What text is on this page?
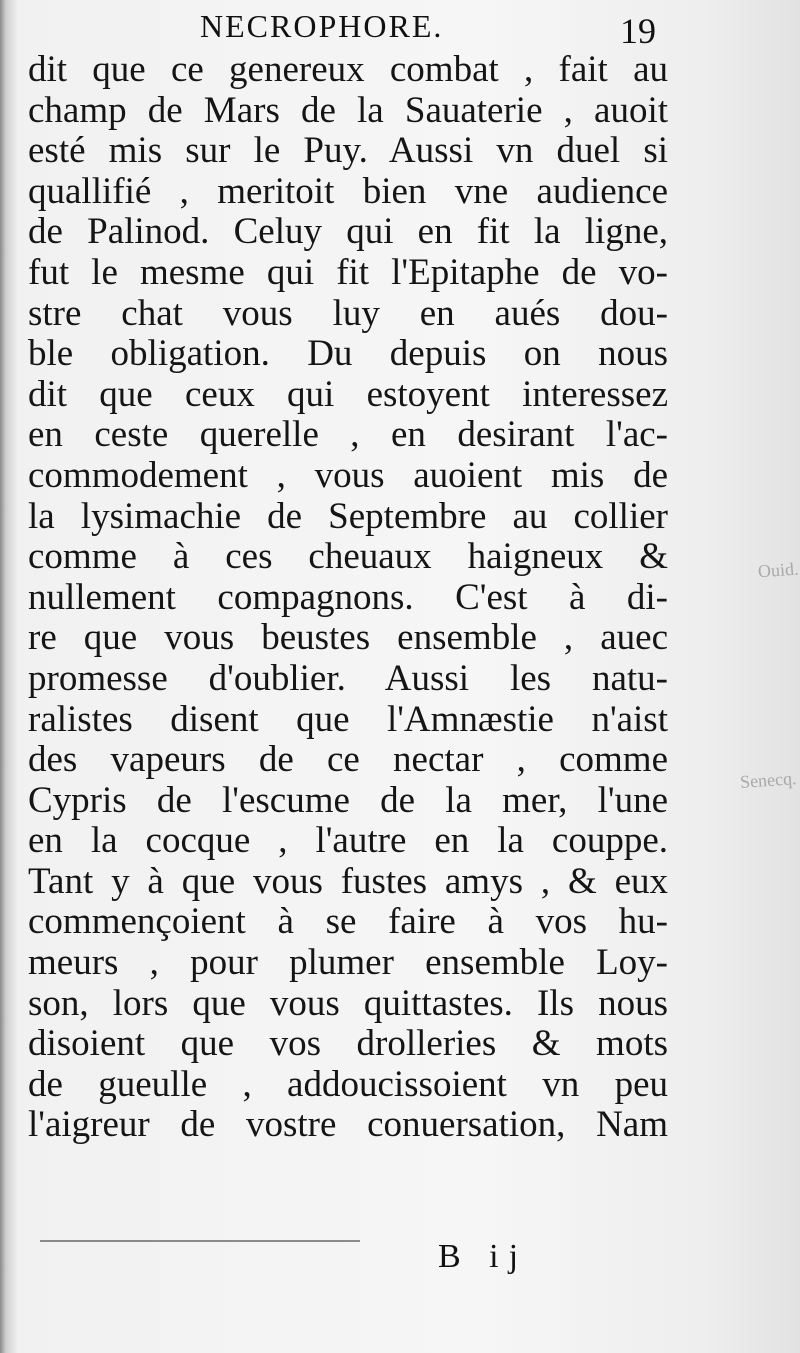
Ouid.
Senecq.
NECROPHORE.	19
dit que ce genereux combat , fait au
champ de Mars de la Sauaterie , auoit
esté mis sur le Puy. Aussi vn duel si
quallifié , meritoit bien vne audience
de Palinod. Celuy qui en fit la ligne,
fut le mesme qui fit l'Epitaphe de vo-
stre chat vous luy en aués dou-
ble obligation. Du depuis on nous
dit que ceux qui estoyent interessez
en ceste querelle , en desirant l'ac-
commodement , vous auoient mis de
la lysimachie de Septembre au collier
comme à ces cheuaux haigneux &
nullement compagnons. C'est à di-
re que vous beustes ensemble , auec
promesse d'oublier. Aussi les natu-
ralistes disent que l'Amnæstie n'aist
des vapeurs de ce nectar , comme
Cypris de l'escume de la mer, l'une
en la cocque , l'autre en la couppe.
Tant y à que vous fustes amys , & eux
commençoient à se faire à vos hu-
meurs , pour plumer ensemble Loy-
son, lors que vous quittastes. Ils nous
disoient que vos drolleries & mots
de gueulle , addoucissoient vn peu
l'aigreur de vostre conuersation, Nam
B ij
